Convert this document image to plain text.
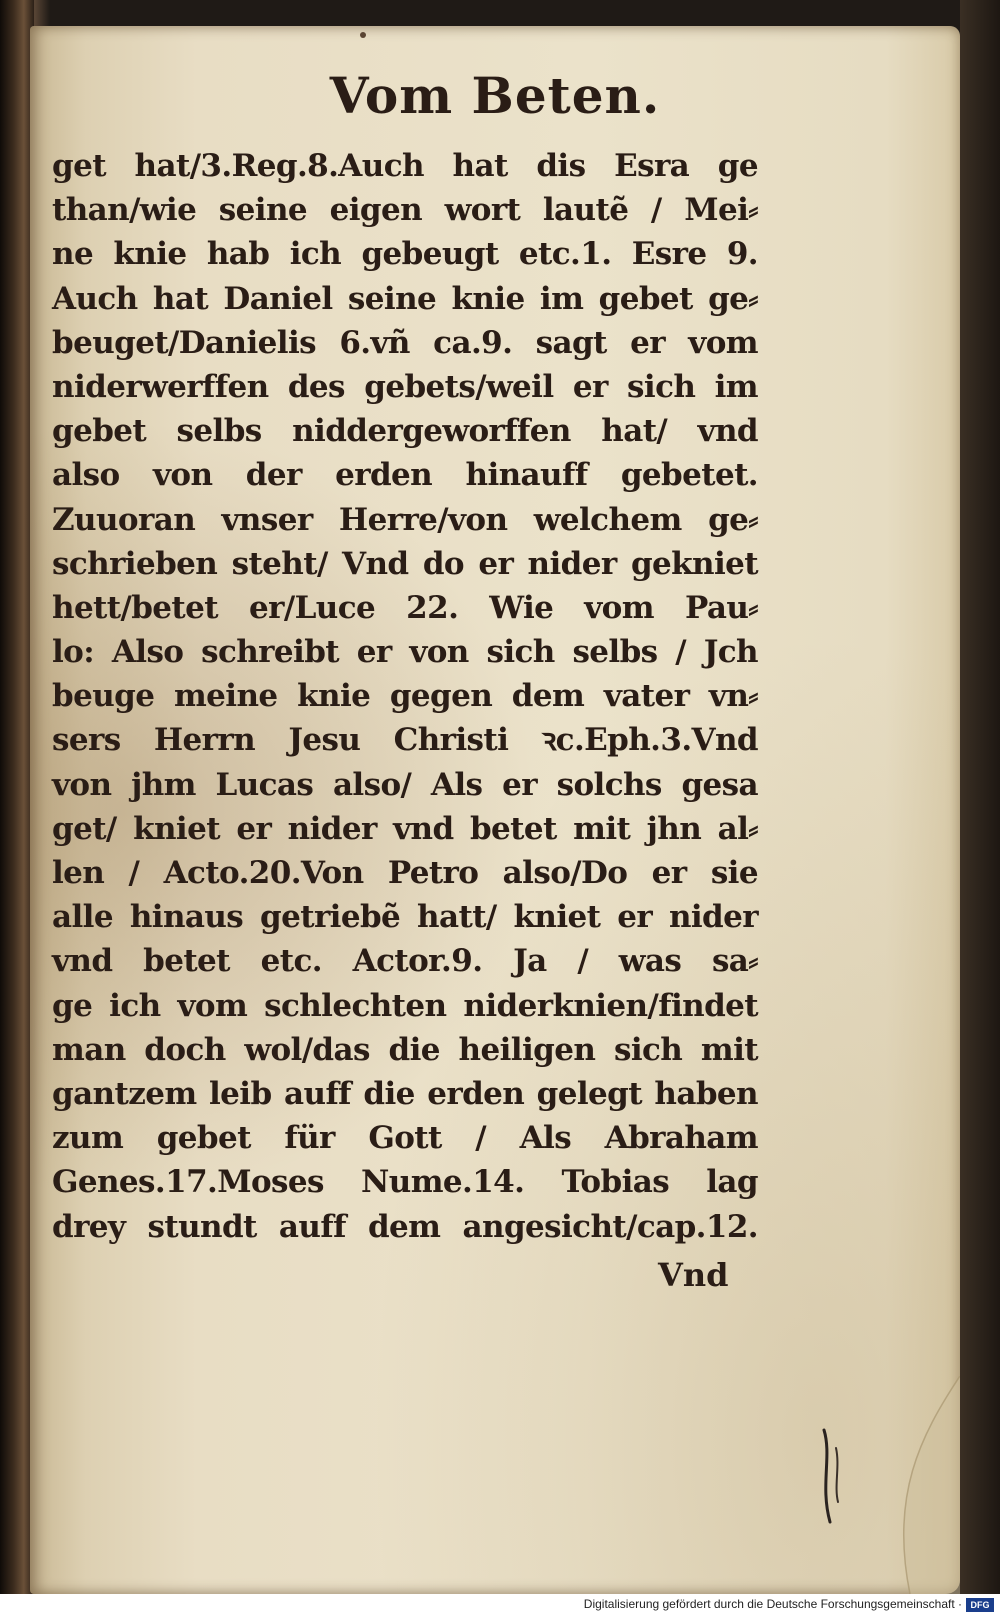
Vom Beten.
get hat/3.Reg.8.Auch hat dis Esra ge
than/wie seine eigen wort lautẽ / Mei⸗
ne knie hab ich gebeugt etc.1. Esre 9.
Auch hat Daniel seine knie im gebet ge⸗
beuget/Danielis 6.vñ ca.9. sagt er vom
niderwerffen des gebets/weil er sich im
gebet selbs niddergeworffen hat/ vnd
also von der erden hinauff gebetet.
Zuuoran vnser Herre/von welchem ge⸗
schrieben steht/ Vnd do er nider gekniet
hett/betet er/Luce 22. Wie vom Pau⸗
lo: Also schreibt er von sich selbs / Jch
beuge meine knie gegen dem vater vn⸗
sers Herrn Jesu Christi ꝛc.Eph.3.Vnd
von jhm Lucas also/ Als er solchs gesa
get/ kniet er nider vnd betet mit jhn al⸗
len / Acto.20.Von Petro also/Do er sie
alle hinaus getriebẽ hatt/ kniet er nider
vnd betet etc. Actor.9. Ja / was sa⸗
ge ich vom schlechten niderknien/findet
man doch wol/das die heiligen sich mit
gantzem leib auff die erden gelegt haben
zum gebet für Gott / Als Abraham
Genes.17.Moses Nume.14. Tobias lag
drey stundt auff dem angesicht/cap.12.
Vnd
Digitalisierung gefördert durch die Deutsche Forschungsgemeinschaft · DFG
